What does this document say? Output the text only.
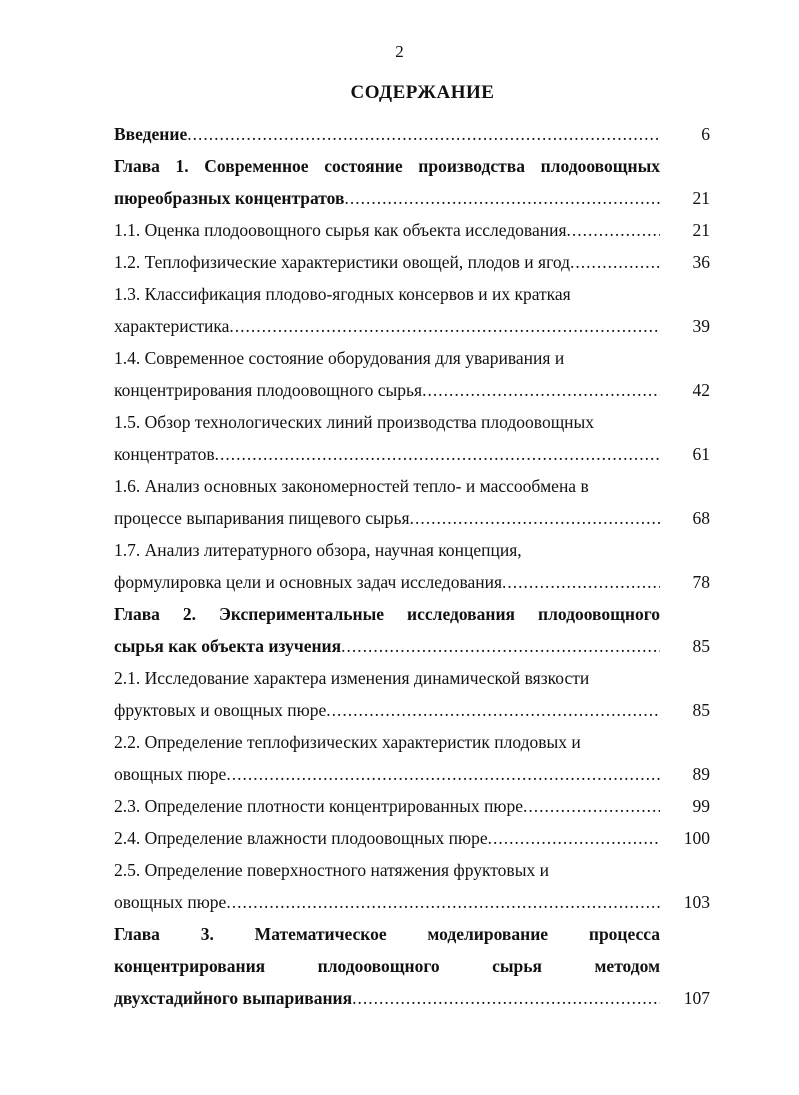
2
СОДЕРЖАНИЕ
Введение .....	6
Глава 1. Современное состояние производства плодоовощных
пюреобразных концентратов .....	21
1.1. Оценка плодоовощного сырья как объекта исследования .....	21
1.2. Теплофизические характеристики овощей, плодов и ягод .....	36
1.3. Классификация плодово-ягодных консервов и их краткая
характеристика .....	39
1.4. Современное состояние оборудования для уваривания и
концентрирования плодоовощного сырья .....	42
1.5. Обзор технологических линий производства плодоовощных
концентратов .....	61
1.6. Анализ основных закономерностей тепло- и массообмена в
процессе выпаривания пищевого сырья .....	68
1.7. Анализ литературного обзора, научная концепция,
формулировка цели и основных задач исследования .....	78
Глава 2. Экспериментальные исследования плодоовощного
сырья как объекта изучения .....	85
2.1. Исследование характера изменения динамической вязкости
фруктовых и овощных пюре .....	85
2.2. Определение теплофизических характеристик плодовых и
овощных пюре .....	89
2.3. Определение плотности концентрированных пюре .....	99
2.4. Определение влажности плодоовощных пюре .....	100
2.5. Определение поверхностного натяжения фруктовых и
овощных пюре .....	103
Глава 3. Математическое моделирование процесса
концентрирования плодоовощного сырья методом
двухстадийного выпаривания .....	107
